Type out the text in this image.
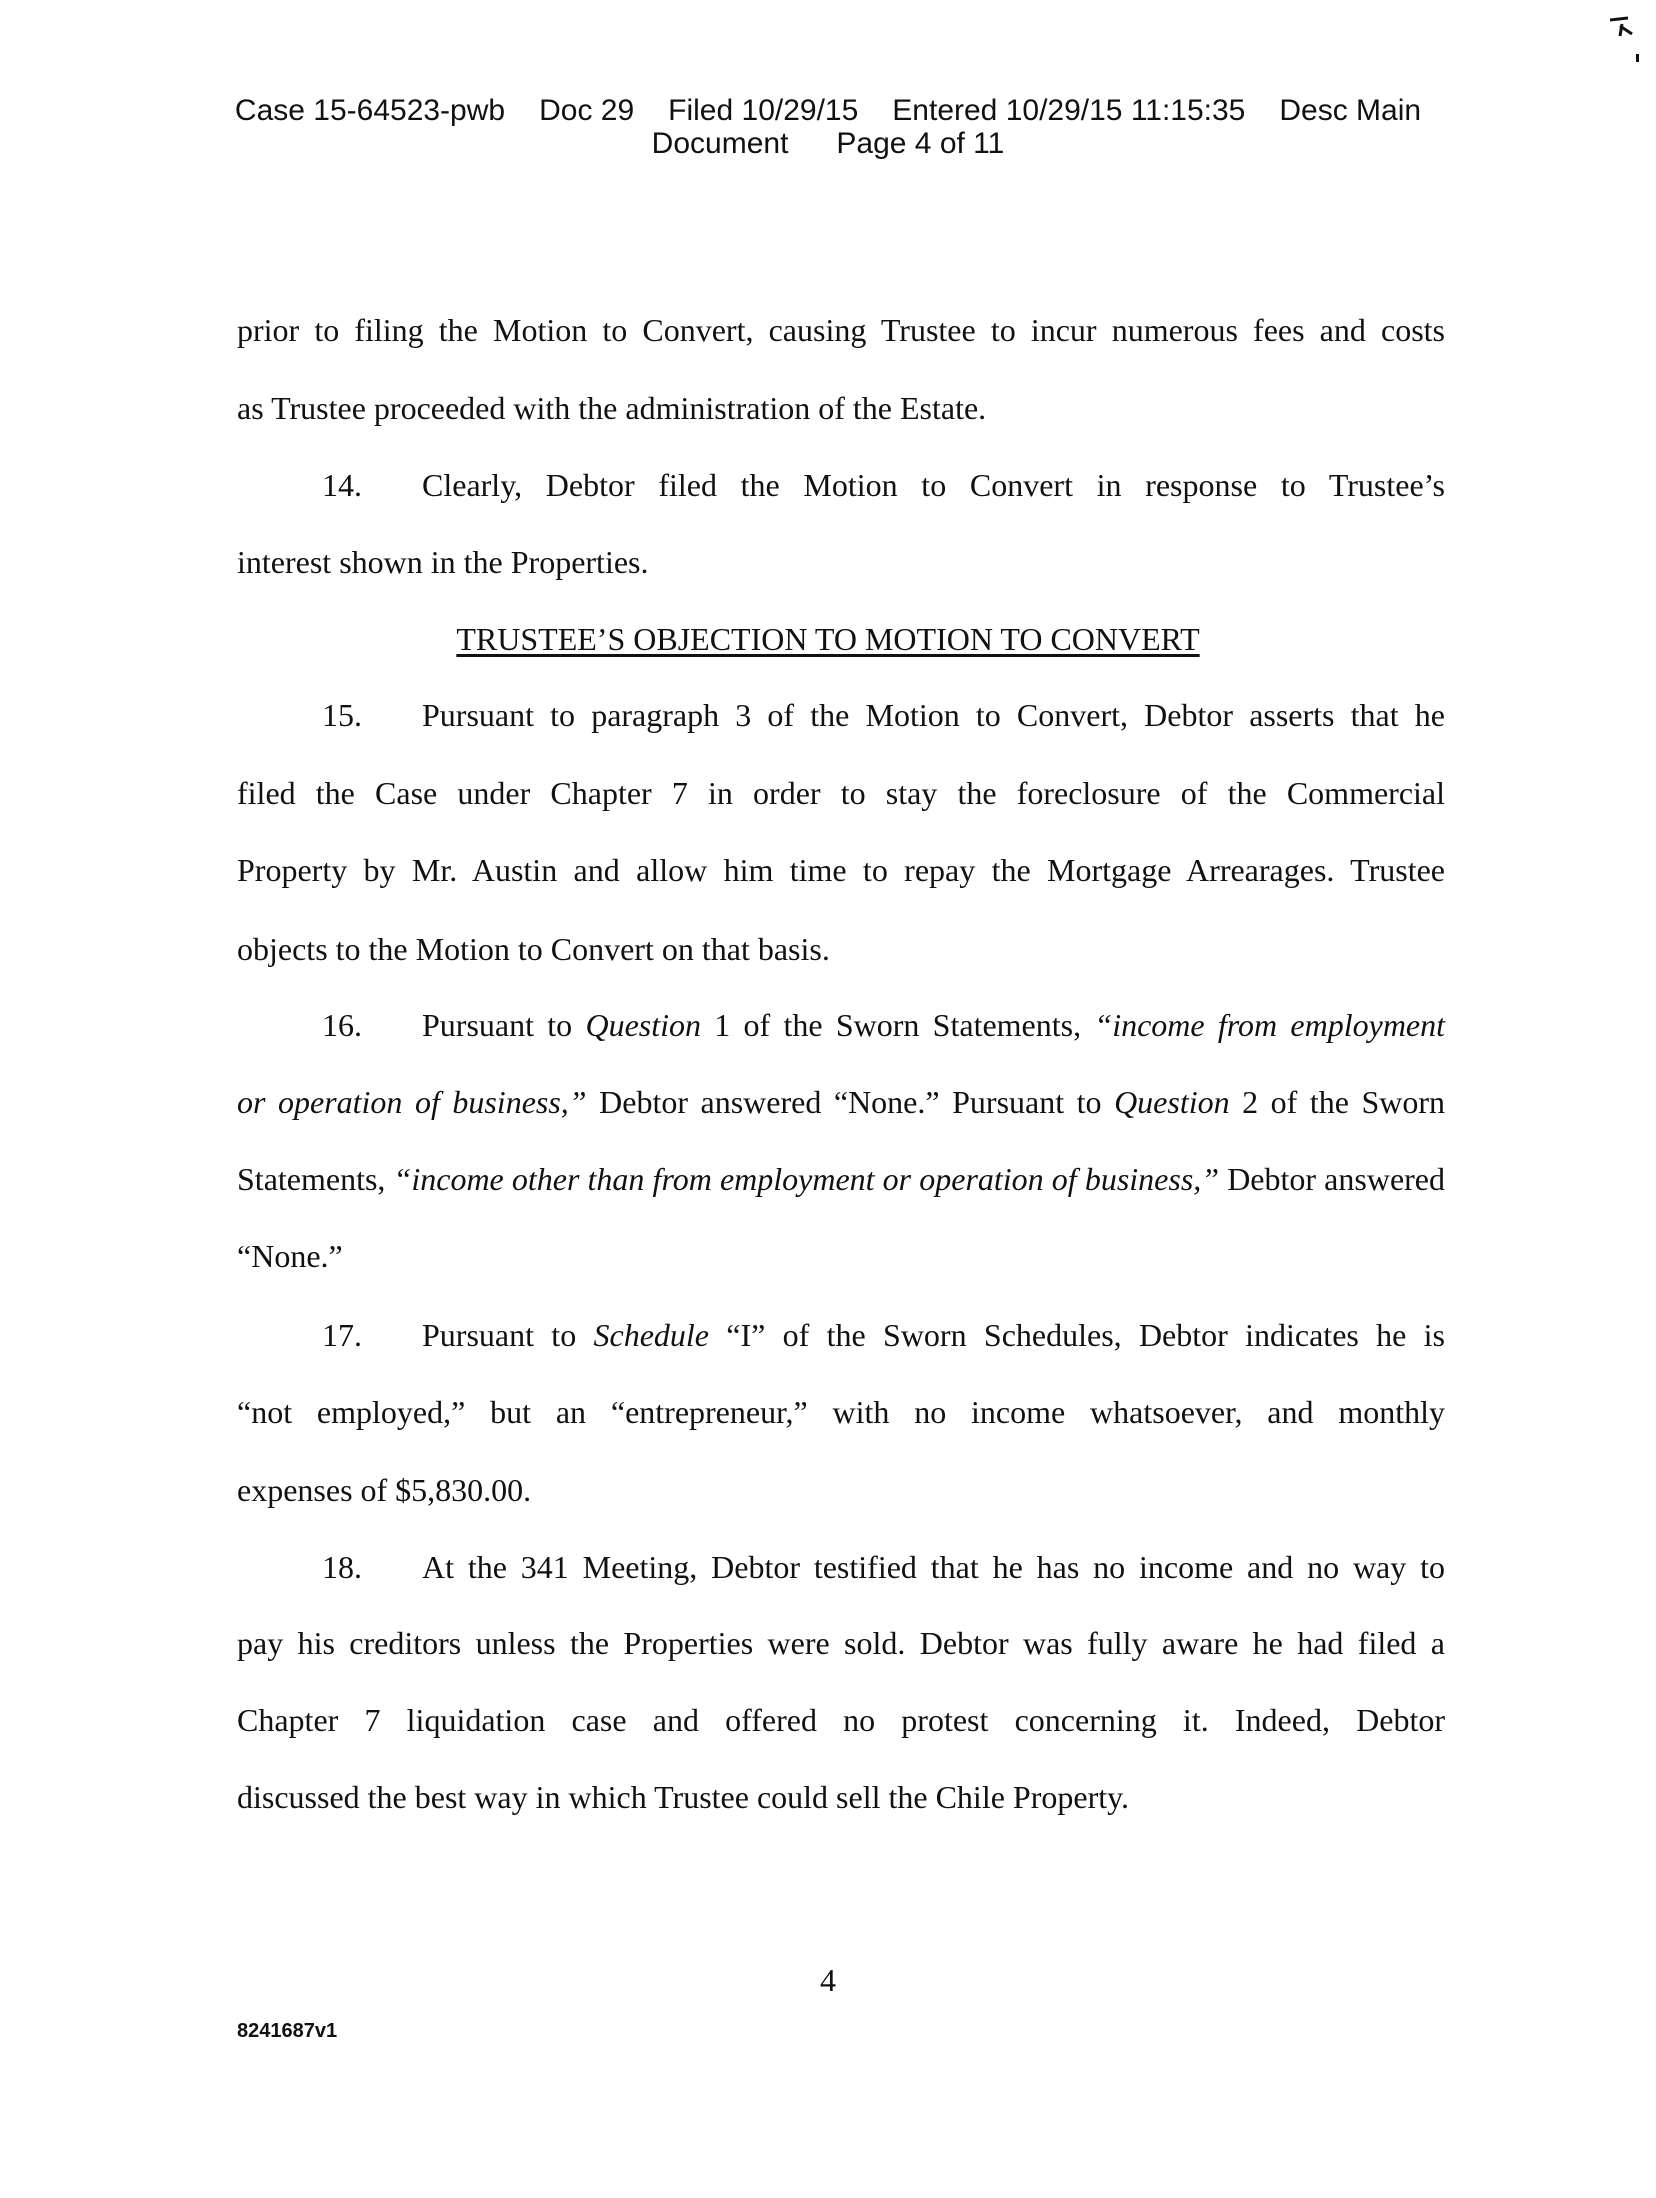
Case 15-64523-pwb Doc 29 Filed 10/29/15 Entered 10/29/15 11:15:35 Desc Main
Document Page 4 of 11
prior to filing the Motion to Convert, causing Trustee to incur numerous fees and costs
as Trustee proceeded with the administration of the Estate.
14. Clearly, Debtor filed the Motion to Convert in response to Trustee’s
interest shown in the Properties.
TRUSTEE’S OBJECTION TO MOTION TO CONVERT
15. Pursuant to paragraph 3 of the Motion to Convert, Debtor asserts that he
filed the Case under Chapter 7 in order to stay the foreclosure of the Commercial
Property by Mr. Austin and allow him time to repay the Mortgage Arrearages. Trustee
objects to the Motion to Convert on that basis.
16. Pursuant to Question 1 of the Sworn Statements, “income from employment
or operation of business,” Debtor answered “None.” Pursuant to Question 2 of the Sworn
Statements, “income other than from employment or operation of business,” Debtor answered
“None.”
17. Pursuant to Schedule “I” of the Sworn Schedules, Debtor indicates he is
“not employed,” but an “entrepreneur,” with no income whatsoever, and monthly
expenses of $5,830.00.
18. At the 341 Meeting, Debtor testified that he has no income and no way to
pay his creditors unless the Properties were sold. Debtor was fully aware he had filed a
Chapter 7 liquidation case and offered no protest concerning it. Indeed, Debtor
discussed the best way in which Trustee could sell the Chile Property.
4
8241687v1
